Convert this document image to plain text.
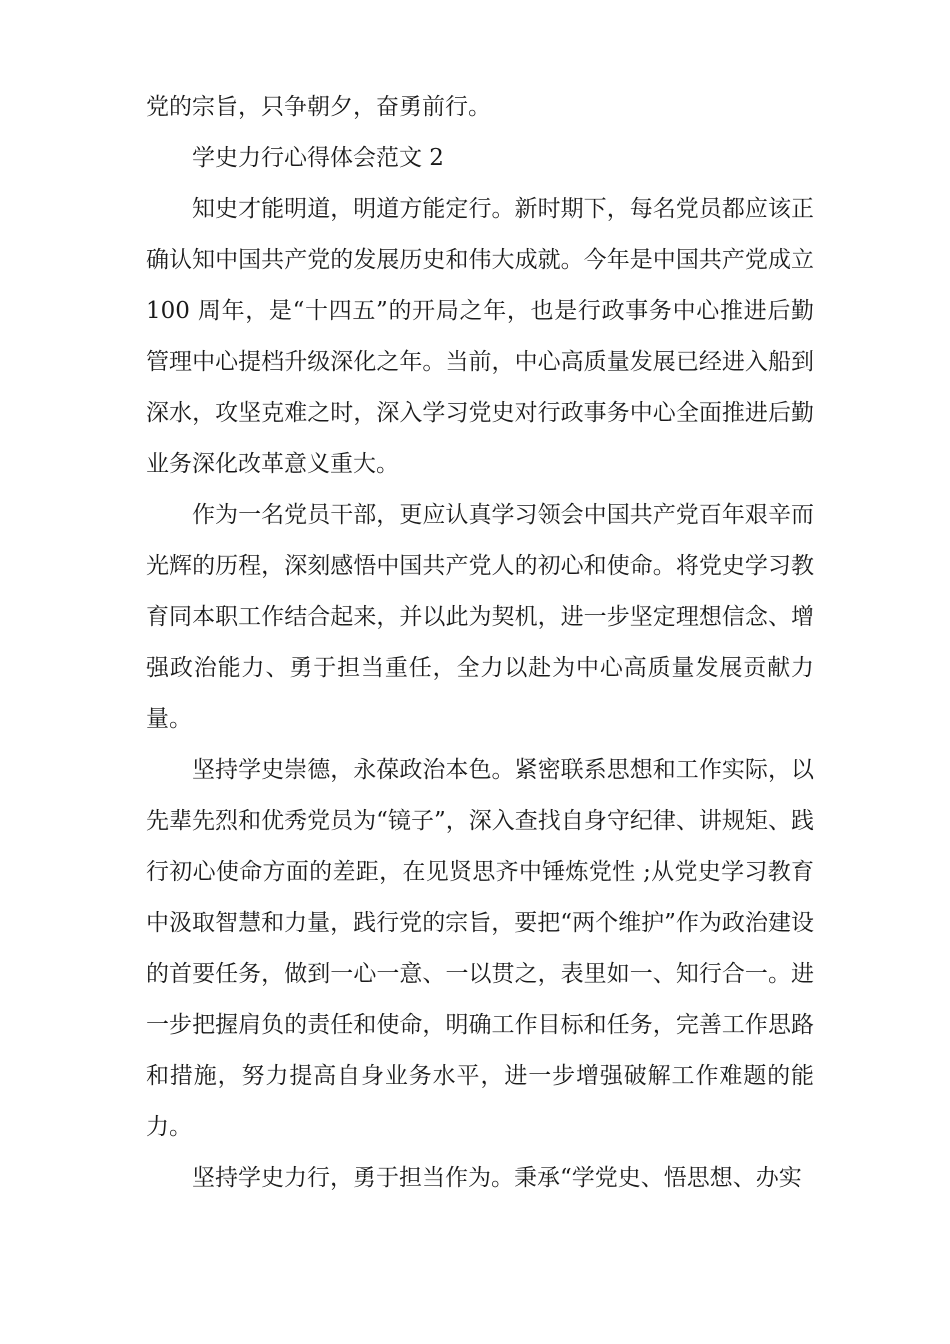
党的宗旨，只争朝夕，奋勇前行。

学史力行心得体会范文 2

知史才能明道，明道方能定行。新时期下，每名党员都应该正确认知中国共产党的发展历史和伟大成就。今年是中国共产党成立 100 周年，是“十四五”的开局之年，也是行政事务中心推进后勤管理中心提档升级深化之年。当前，中心高质量发展已经进入船到深水，攻坚克难之时，深入学习党史对行政事务中心全面推进后勤业务深化改革意义重大。

作为一名党员干部，更应认真学习领会中国共产党百年艰辛而光辉的历程，深刻感悟中国共产党人的初心和使命。将党史学习教育同本职工作结合起来，并以此为契机，进一步坚定理想信念、增强政治能力、勇于担当重任，全力以赴为中心高质量发展贡献力量。

坚持学史崇德，永葆政治本色。紧密联系思想和工作实际，以先辈先烈和优秀党员为“镜子”，深入查找自身守纪律、讲规矩、践行初心使命方面的差距，在见贤思齐中锤炼党性 ;从党史学习教育中汲取智慧和力量，践行党的宗旨，要把“两个维护”作为政治建设的首要任务，做到一心一意、一以贯之，表里如一、知行合一。进一步把握肩负的责任和使命，明确工作目标和任务，完善工作思路和措施，努力提高自身业务水平，进一步增强破解工作难题的能力。

坚持学史力行，勇于担当作为。秉承“学党史、悟思想、办实
